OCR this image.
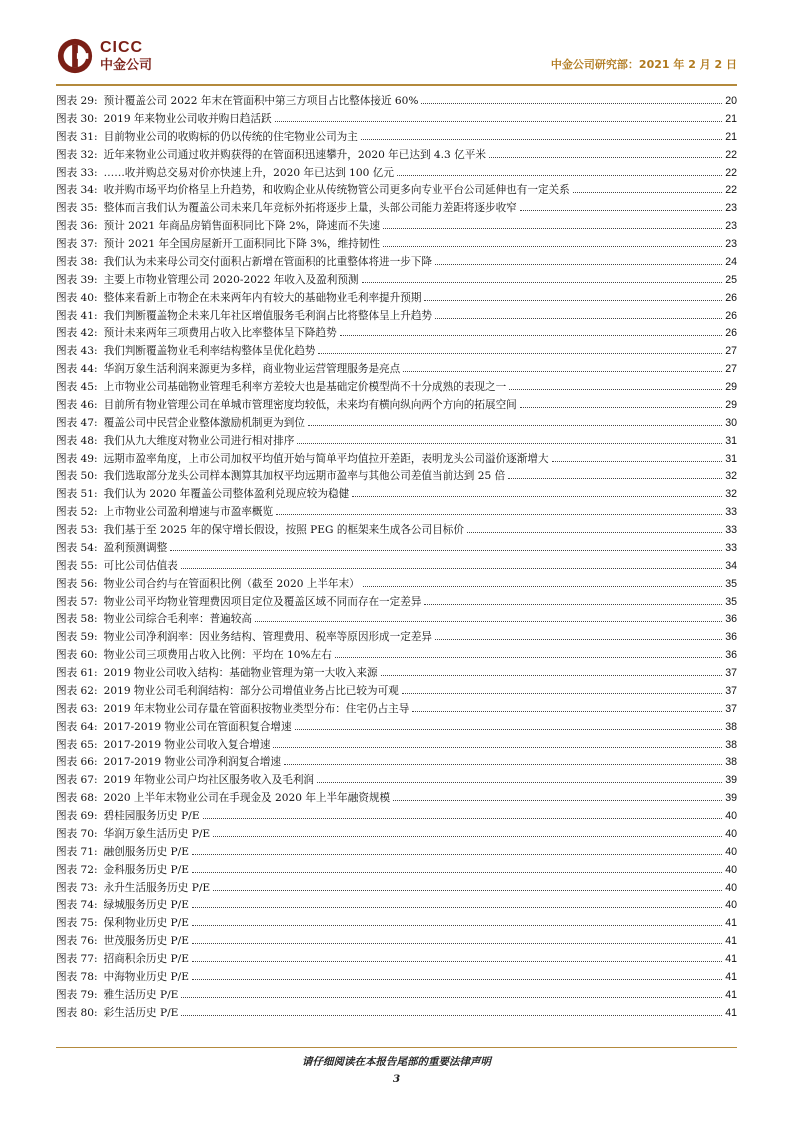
CICC
中金公司	中金公司研究部：2021 年 2 月 2 日
图表 29: 预计覆盖公司 2022 年末在管面积中第三方项目占比整体接近 60%	20
图表 30: 2019 年来物业公司收并购日趋活跃	21
图表 31: 目前物业公司的收购标的仍以传统的住宅物业公司为主	21
图表 32: 近年来物业公司通过收并购获得的在管面积迅速攀升，2020 年已达到 4.3 亿平米	22
图表 33: ……收并购总交易对价亦快速上升，2020 年已达到 100 亿元	22
图表 34: 收并购市场平均价格呈上升趋势，和收购企业从传统物管公司更多向专业平台公司延伸也有一定关系	22
图表 35: 整体而言我们认为覆盖公司未来几年竞标外拓将逐步上量，头部公司能力差距将逐步收窄	23
图表 36: 预计 2021 年商品房销售面积同比下降 2%，降速而不失速	23
图表 37: 预计 2021 年全国房屋新开工面积同比下降 3%，维持韧性	23
图表 38: 我们认为未来母公司交付面积占新增在管面积的比重整体将进一步下降	24
图表 39: 主要上市物业管理公司 2020-2022 年收入及盈利预测	25
图表 40: 整体来看新上市物企在未来两年内有较大的基础物业毛利率提升预期	26
图表 41: 我们判断覆盖物企未来几年社区增值服务毛利润占比将整体呈上升趋势	26
图表 42: 预计未来两年三项费用占收入比率整体呈下降趋势	26
图表 43: 我们判断覆盖物业毛利率结构整体呈优化趋势	27
图表 44: 华润万象生活利润来源更为多样，商业物业运营管理服务是亮点	27
图表 45: 上市物业公司基础物业管理毛利率方差较大也是基础定价模型尚不十分成熟的表现之一	29
图表 46: 目前所有物业管理公司在单城市管理密度均较低，未来均有横向纵向两个方向的拓展空间	29
图表 47: 覆盖公司中民营企业整体激励机制更为到位	30
图表 48: 我们从九大维度对物业公司进行相对排序	31
图表 49: 远期市盈率角度，上市公司加权平均值开始与简单平均值拉开差距，表明龙头公司溢价逐渐增大	31
图表 50: 我们选取部分龙头公司样本测算其加权平均远期市盈率与其他公司差值当前达到 25 倍	32
图表 51: 我们认为 2020 年覆盖公司整体盈利兑现应较为稳健	32
图表 52: 上市物业公司盈利增速与市盈率概览	33
图表 53: 我们基于至 2025 年的保守增长假设，按照 PEG 的框架来生成各公司目标价	33
图表 54: 盈利预测调整	33
图表 55: 可比公司估值表	34
图表 56: 物业公司合约与在管面积比例（截至 2020 上半年末）	35
图表 57: 物业公司平均物业管理费因项目定位及覆盖区域不同而存在一定差异	35
图表 58: 物业公司综合毛利率：普遍较高	36
图表 59: 物业公司净利润率：因业务结构、管理费用、税率等原因形成一定差异	36
图表 60: 物业公司三项费用占收入比例：平均在 10%左右	36
图表 61: 2019 物业公司收入结构：基础物业管理为第一大收入来源	37
图表 62: 2019 物业公司毛利润结构：部分公司增值业务占比已较为可观	37
图表 63: 2019 年末物业公司存量在管面积按物业类型分布：住宅仍占主导	37
图表 64: 2017-2019 物业公司在管面积复合增速	38
图表 65: 2017-2019 物业公司收入复合增速	38
图表 66: 2017-2019 物业公司净利润复合增速	38
图表 67: 2019 年物业公司户均社区服务收入及毛利润	39
图表 68: 2020 上半年末物业公司在手现金及 2020 年上半年融资规模	39
图表 69: 碧桂园服务历史 P/E	40
图表 70: 华润万象生活历史 P/E	40
图表 71: 融创服务历史 P/E	40
图表 72: 金科服务历史 P/E	40
图表 73: 永升生活服务历史 P/E	40
图表 74: 绿城服务历史 P/E	40
图表 75: 保利物业历史 P/E	41
图表 76: 世茂服务历史 P/E	41
图表 77: 招商积余历史 P/E	41
图表 78: 中海物业历史 P/E	41
图表 79: 雅生活历史 P/E	41
图表 80: 彩生活历史 P/E	41
请仔细阅读在本报告尾部的重要法律声明
3
